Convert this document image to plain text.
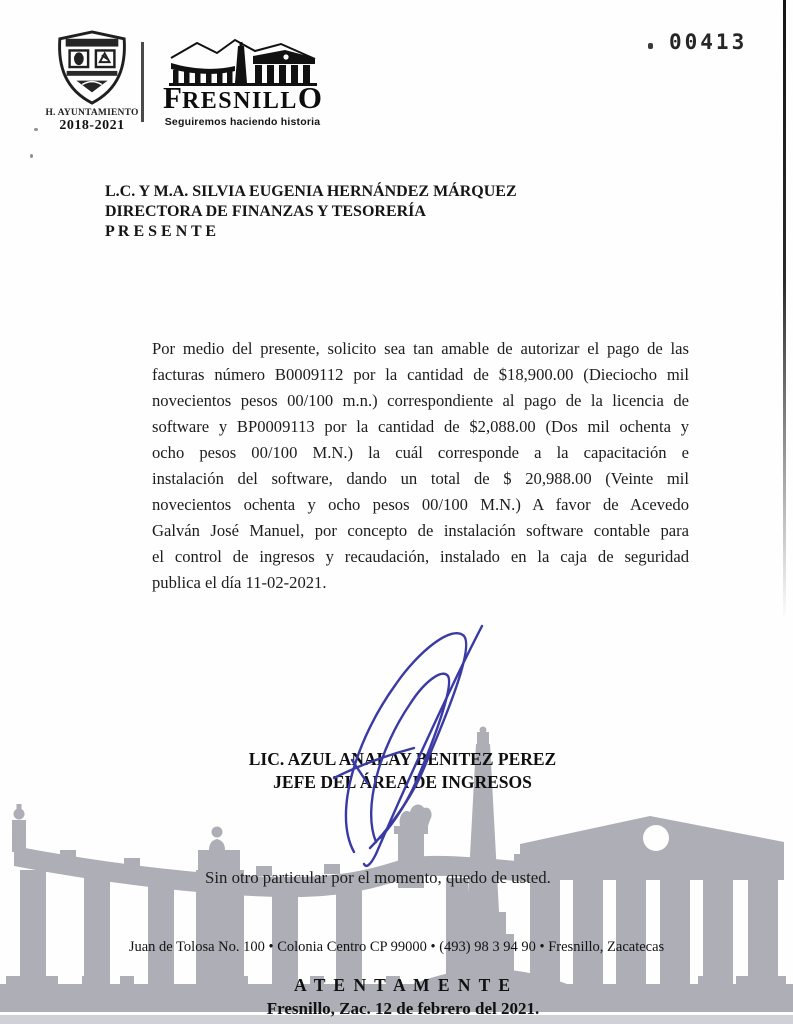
H. AYUNTAMIENTO
2018-2021
FRESNILLO
Seguiremos haciendo historia
00413
L.C. Y M.A. SILVIA EUGENIA HERNÁNDEZ MÁRQUEZ
DIRECTORA DE FINANZAS Y TESORERÍA
P R E S E N T E
Por medio del presente, solicito sea tan amable de autorizar el pago de las
facturas número B0009112 por la cantidad de $18,900.00 (Dieciocho mil
novecientos pesos 00/100 m.n.) correspondiente al pago de la licencia de
software y BP0009113 por la cantidad de $2,088.00 (Dos mil ochenta y
ocho pesos 00/100 M.N.) la cuál corresponde a la capacitación e
instalación del software, dando un total de $ 20,988.00 (Veinte mil
novecientos ochenta y ocho pesos 00/100 M.N.) A favor de Acevedo
Galván José Manuel, por concepto de instalación software contable para
el control de ingresos y recaudación, instalado en la caja de seguridad
publica el día 11-02-2021.
Sin otro particular por el momento, quedo de usted.
A T E N T A M E N T E
Fresnillo, Zac. 12 de febrero del 2021.
LIC. AZUL ANALAY BENITEZ PEREZ
JEFE DEL ÁREA DE INGRESOS
Juan de Tolosa No. 100 • Colonia Centro CP 99000 • (493) 98 3 94 90 • Fresnillo, Zacatecas
